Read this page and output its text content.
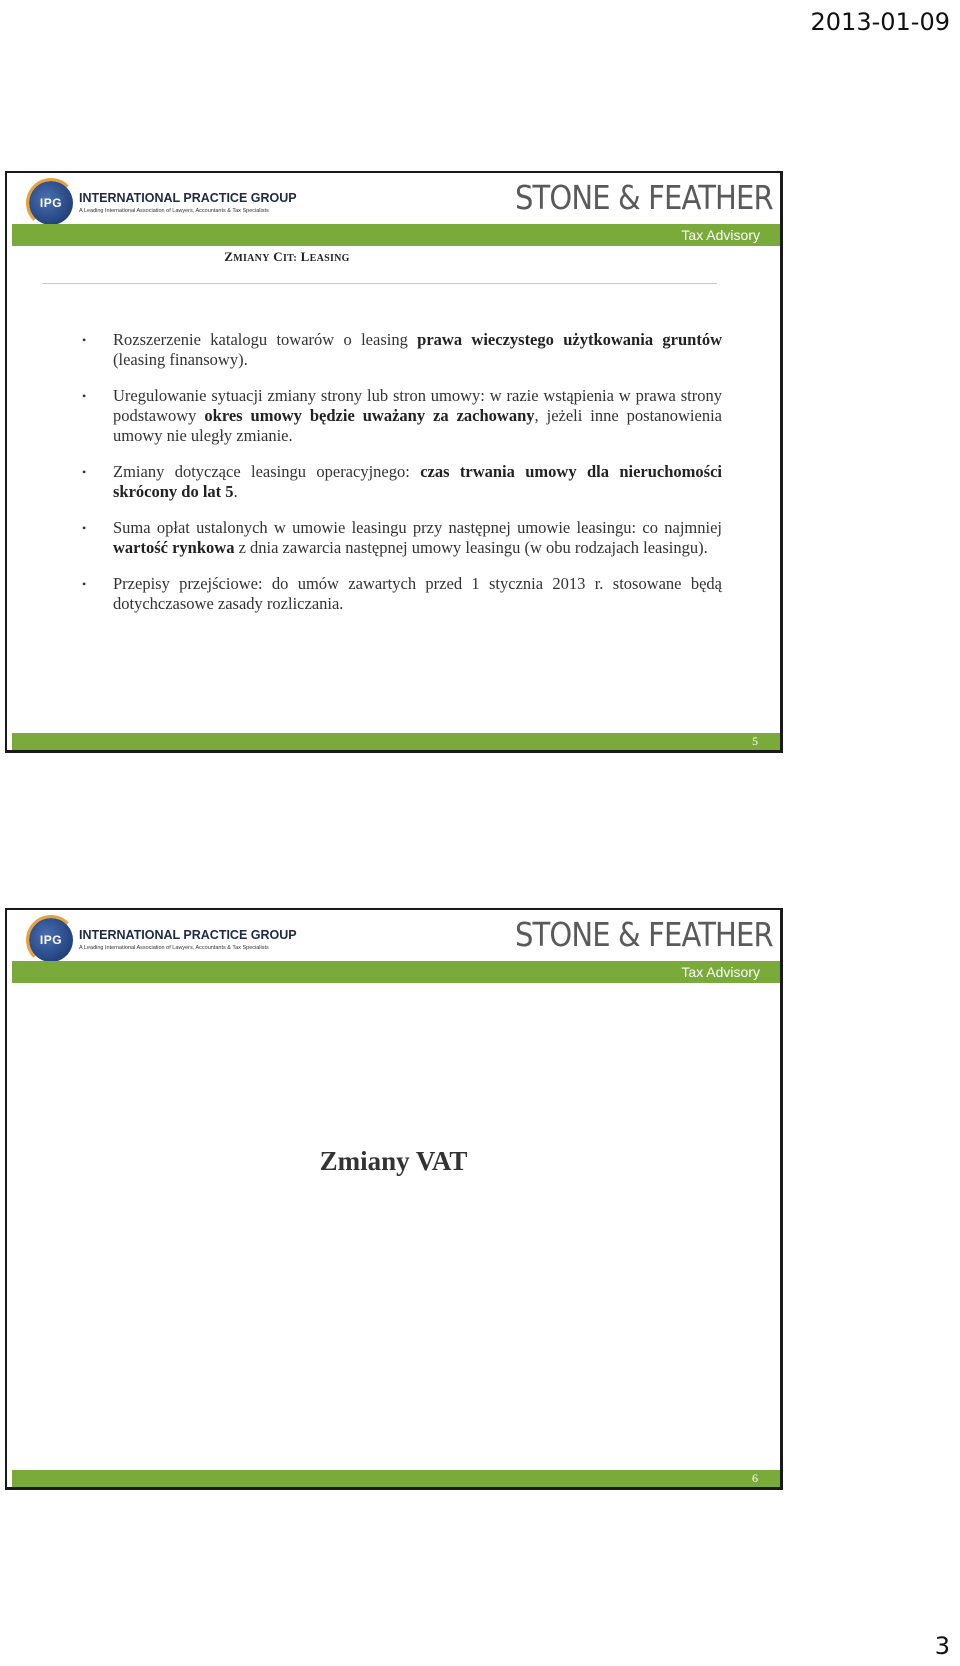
2013-01-09
IPG INTERNATIONAL PRACTICE GROUP
A Leading International Association of Lawyers, Accountants & Tax Specialists	STONE & FEATHER
Tax Advisory
ZMIANY CIT: LEASING
• Rozszerzenie katalogu towarów o leasing prawa wieczystego użytkowania gruntów (leasing finansowy).
• Uregulowanie sytuacji zmiany strony lub stron umowy: w razie wstąpienia w prawa strony podstawowy okres umowy będzie uważany za zachowany, jeżeli inne postanowienia umowy nie uległy zmianie.
• Zmiany dotyczące leasingu operacyjnego: czas trwania umowy dla nieruchomości skrócony do lat 5.
• Suma opłat ustalonych w umowie leasingu przy następnej umowie leasingu: co najmniej wartość rynkowa z dnia zawarcia następnej umowy leasingu (w obu rodzajach leasingu).
• Przepisy przejściowe: do umów zawartych przed 1 stycznia 2013 r. stosowane będą dotychczasowe zasady rozliczania.
5
IPG INTERNATIONAL PRACTICE GROUP
A Leading International Association of Lawyers, Accountants & Tax Specialists	STONE & FEATHER
Tax Advisory
Zmiany VAT
6
3
